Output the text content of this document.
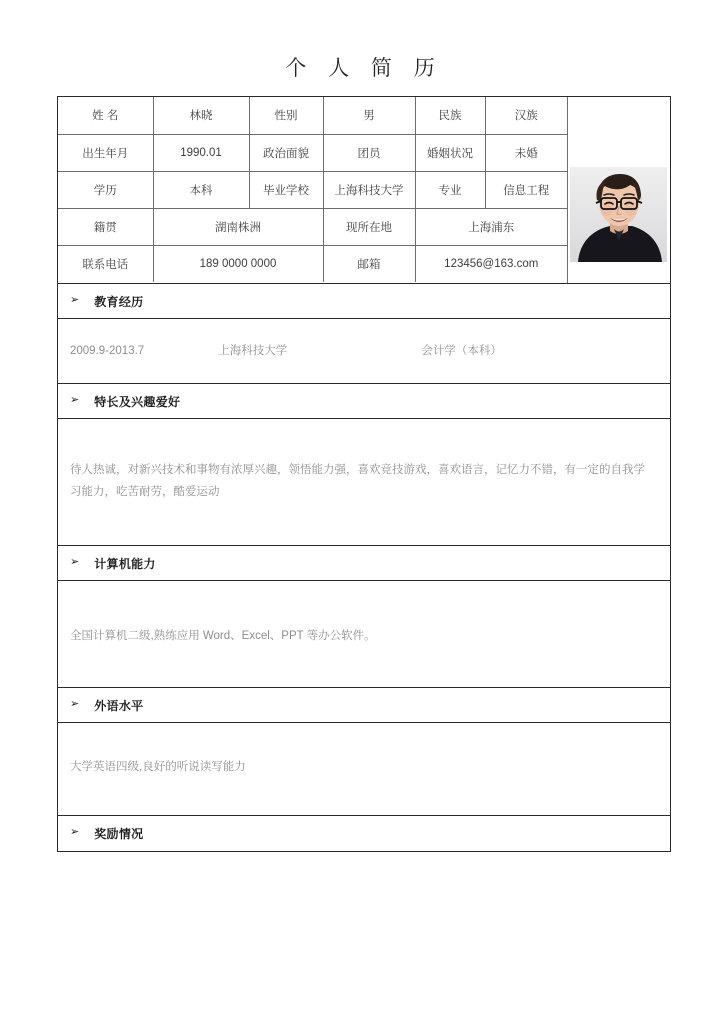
个 人 简 历
姓 名	林晓	性别	男	民族	汉族
出生年月	1990.01	政治面貌	团员	婚姻状况	未婚
学历	本科	毕业学校	上海科技大学	专业	信息工程
籍贯	湖南株洲		现所在地	上海浦东	
联系电话	189 0000 0000		邮箱	123456@163.com	
➢ 教育经历
2009.9-2013.7	上海科技大学	会计学（本科）
➢ 特长及兴趣爱好
待人热诚，对新兴技术和事物有浓厚兴趣，领悟能力强，喜欢竞技游戏，喜欢语言，记忆力不错，有一定的自我学习能力，吃苦耐劳，酷爱运动
➢ 计算机能力
全国计算机二级,熟练应用 Word、Excel、PPT 等办公软件。
➢ 外语水平
大学英语四级,良好的听说读写能力
➢ 奖励情况
